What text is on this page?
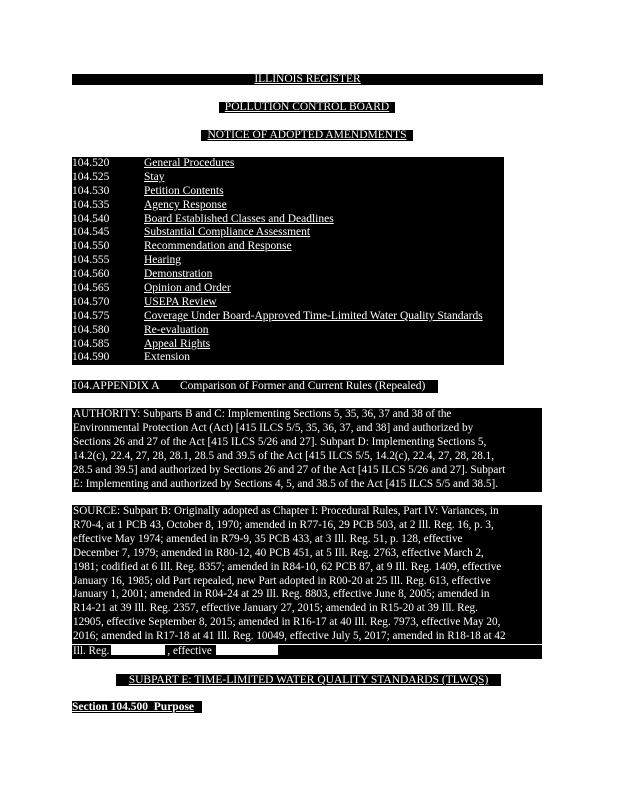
ILLINOIS REGISTER
POLLUTION CONTROL BOARD
NOTICE OF ADOPTED AMENDMENTS
104.520	General Procedures
104.525	Stay
104.530	Petition Contents
104.535	Agency Response
104.540	Board Established Classes and Deadlines
104.545	Substantial Compliance Assessment
104.550	Recommendation and Response
104.555	Hearing
104.560	Demonstration
104.565	Opinion and Order
104.570	USEPA Review
104.575	Coverage Under Board-Approved Time-Limited Water Quality Standards
104.580	Re-evaluation
104.585	Appeal Rights
104.590	Extension
104.APPENDIX A Comparison of Former and Current Rules (Repealed)
AUTHORITY: Subparts B and C: Implementing Sections 5, 35, 36, 37 and 38 of the
Environmental Protection Act (Act) [415 ILCS 5/5, 35, 36, 37, and 38] and authorized by
Sections 26 and 27 of the Act [415 ILCS 5/26 and 27]. Subpart D: Implementing Sections 5,
14.2(c), 22.4, 27, 28, 28.1, 28.5 and 39.5 of the Act [415 ILCS 5/5, 14.2(c), 22.4, 27, 28, 28.1,
28.5 and 39.5] and authorized by Sections 26 and 27 of the Act [415 ILCS 5/26 and 27]. Subpart
E: Implementing and authorized by Sections 4, 5, and 38.5 of the Act [415 ILCS 5/5 and 38.5].
SOURCE: Subpart B: Originally adopted as Chapter I: Procedural Rules, Part IV: Variances, in
R70-4, at 1 PCB 43, October 8, 1970; amended in R77-16, 29 PCB 503, at 2 Ill. Reg. 16, p. 3,
effective May 1974; amended in R79-9, 35 PCB 433, at 3 Ill. Reg. 51, p. 128, effective
December 7, 1979; amended in R80-12, 40 PCB 451, at 5 Ill. Reg. 2763, effective March 2,
1981; codified at 6 Ill. Reg. 8357; amended in R84-10, 62 PCB 87, at 9 Ill. Reg. 1409, effective
January 16, 1985; old Part repealed, new Part adopted in R00-20 at 25 Ill. Reg. 613, effective
January 1, 2001; amended in R04-24 at 29 Ill. Reg. 8803, effective June 8, 2005; amended in
R14-21 at 39 Ill. Reg. 2357, effective January 27, 2015; amended in R15-20 at 39 Ill. Reg.
12905, effective September 8, 2015; amended in R16-17 at 40 Ill. Reg. 7973, effective May 20,
2016; amended in R17-18 at 41 Ill. Reg. 10049, effective July 5, 2017; amended in R18-18 at 42
Ill. Reg.	, effective
SUBPART E: TIME-LIMITED WATER QUALITY STANDARDS (TLWQS)
Section 104.500  Purpose
